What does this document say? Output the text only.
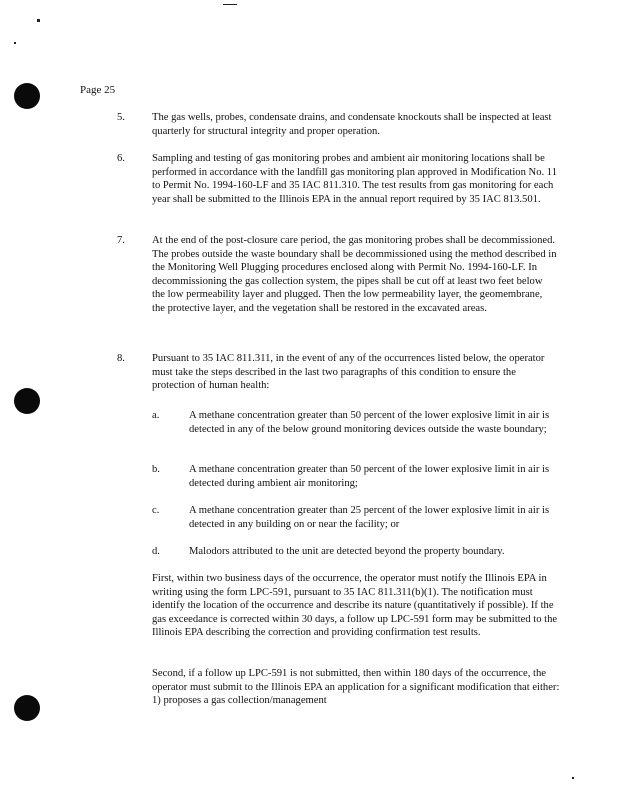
Page 25
5.	The gas wells, probes, condensate drains, and condensate knockouts shall be inspected at least quarterly for structural integrity and proper operation.
6.	Sampling and testing of gas monitoring probes and ambient air monitoring locations shall be performed in accordance with the landfill gas monitoring plan approved in Modification No. 11 to Permit No. 1994-160-LF and 35 IAC 811.310. The test results from gas monitoring for each year shall be submitted to the Illinois EPA in the annual report required by 35 IAC 813.501.
7.	At the end of the post-closure care period, the gas monitoring probes shall be decommissioned. The probes outside the waste boundary shall be decommissioned using the method described in the Monitoring Well Plugging procedures enclosed along with Permit No. 1994-160-LF. In decommissioning the gas collection system, the pipes shall be cut off at least two feet below the low permeability layer and plugged. Then the low permeability layer, the geomembrane, the protective layer, and the vegetation shall be restored in the excavated areas.
8.	Pursuant to 35 IAC 811.311, in the event of any of the occurrences listed below, the operator must take the steps described in the last two paragraphs of this condition to ensure the protection of human health:
a.	A methane concentration greater than 50 percent of the lower explosive limit in air is detected in any of the below ground monitoring devices outside the waste boundary;
b.	A methane concentration greater than 50 percent of the lower explosive limit in air is detected during ambient air monitoring;
c.	A methane concentration greater than 25 percent of the lower explosive limit in air is detected in any building on or near the facility; or
d.	Malodors attributed to the unit are detected beyond the property boundary.
First, within two business days of the occurrence, the operator must notify the Illinois EPA in writing using the form LPC-591, pursuant to 35 IAC 811.311(b)(1). The notification must identify the location of the occurrence and describe its nature (quantitatively if possible). If the gas exceedance is corrected within 30 days, a follow up LPC-591 form may be submitted to the Illinois EPA describing the correction and providing confirmation test results.
Second, if a follow up LPC-591 is not submitted, then within 180 days of the occurrence, the operator must submit to the Illinois EPA an application for a significant modification that either: 1) proposes a gas collection/management
